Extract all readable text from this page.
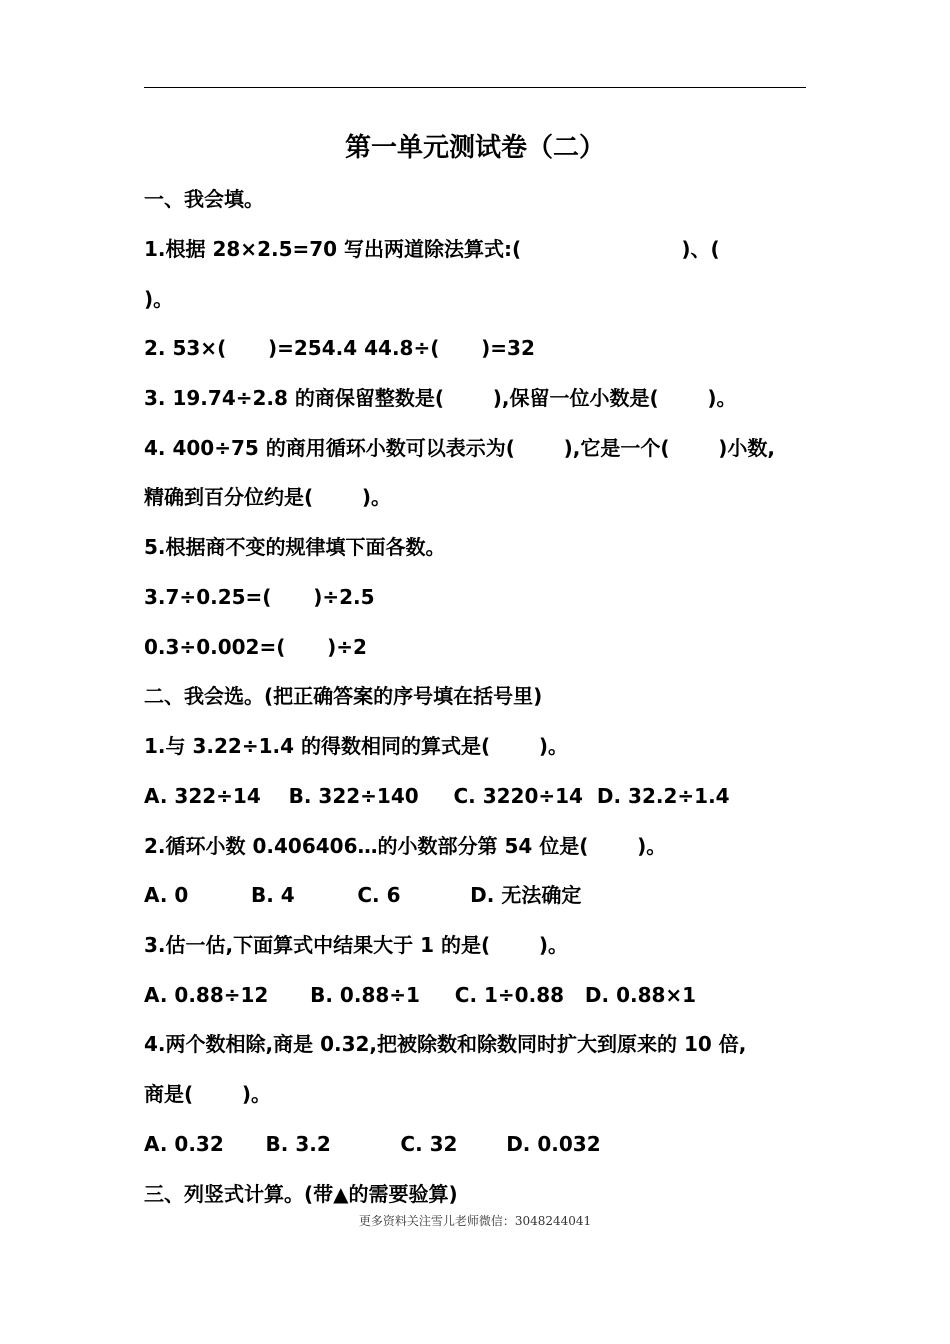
第一单元测试卷（二）
一、我会填。
1.根据 28×2.5=70 写出两道除法算式:(                       )、(
)。
2. 53×(      )=254.4 44.8÷(      )=32
3. 19.74÷2.8 的商保留整数是(       ),保留一位小数是(       )。
4. 400÷75 的商用循环小数可以表示为(       ),它是一个(       )小数,
精确到百分位约是(       )。
5.根据商不变的规律填下面各数。
3.7÷0.25=(      )÷2.5
0.3÷0.002=(      )÷2
二、我会选。(把正确答案的序号填在括号里)
1.与 3.22÷1.4 的得数相同的算式是(       )。
A. 322÷14    B. 322÷140     C. 3220÷14  D. 32.2÷1.4
2.循环小数 0.406406…的小数部分第 54 位是(       )。
A. 0         B. 4         C. 6          D. 无法确定
3.估一估,下面算式中结果大于 1 的是(       )。
A. 0.88÷12      B. 0.88÷1     C. 1÷0.88   D. 0.88×1
4.两个数相除,商是 0.32,把被除数和除数同时扩大到原来的 10 倍,
商是(       )。
A. 0.32      B. 3.2          C. 32       D. 0.032
三、列竖式计算。(带▲的需要验算)
更多资料关注雪儿老师微信：3048244041
